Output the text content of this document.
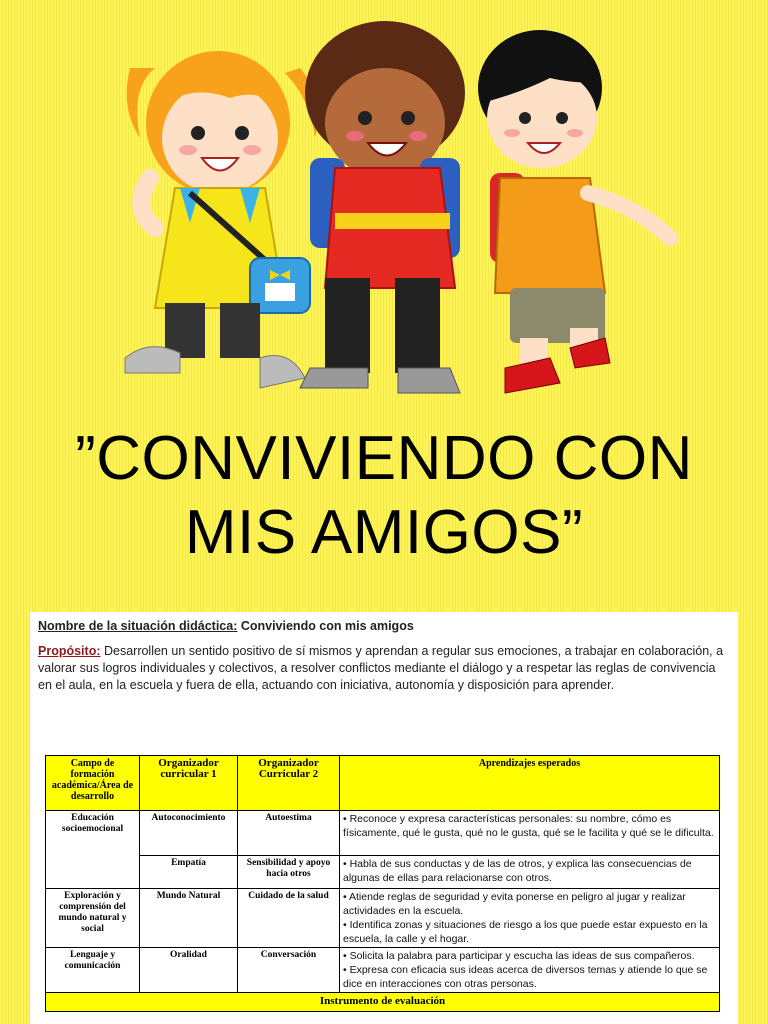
”CONVIVIENDO CON
MIS AMIGOS”
Nombre de la situación didáctica: Conviviendo con mis amigos
Propósito: Desarrollen un sentido positivo de sí mismos y aprendan a regular sus emociones, a trabajar en colaboración, a valorar sus logros individuales y colectivos, a resolver conflictos mediante el diálogo y a respetar las reglas de convivencia en el aula, en la escuela y fuera de ella, actuando con iniciativa, autonomía y disposición para aprender.
Campo de formación académica/Área de desarrollo	Organizador curricular 1	Organizador Curricular 2	Aprendizajes esperados
Educación socioemocional	Autoconocimiento	Autoestima	• Reconoce y expresa características personales: su nombre, cómo es físicamente, qué le gusta, qué no le gusta, qué se le facilita y qué se le dificulta.
	Empatía	Sensibilidad y apoyo hacia otros	• Habla de sus conductas y de las de otros, y explica las consecuencias de algunas de ellas para relacionarse con otros.
Exploración y comprensión del mundo natural y social	Mundo Natural	Cuidado de la salud	• Atiende reglas de seguridad y evita ponerse en peligro al jugar y realizar actividades en la escuela.
• Identifica zonas y situaciones de riesgo a los que puede estar expuesto en la escuela, la calle y el hogar.

Lenguaje y comunicación	Oralidad	Conversación	• Solicita la palabra para participar y escucha las ideas de sus compañeros.
• Expresa con eficacia sus ideas acerca de diversos temas y atiende lo que se dice en interacciones con otras personas.

Instrumento de evaluación			
